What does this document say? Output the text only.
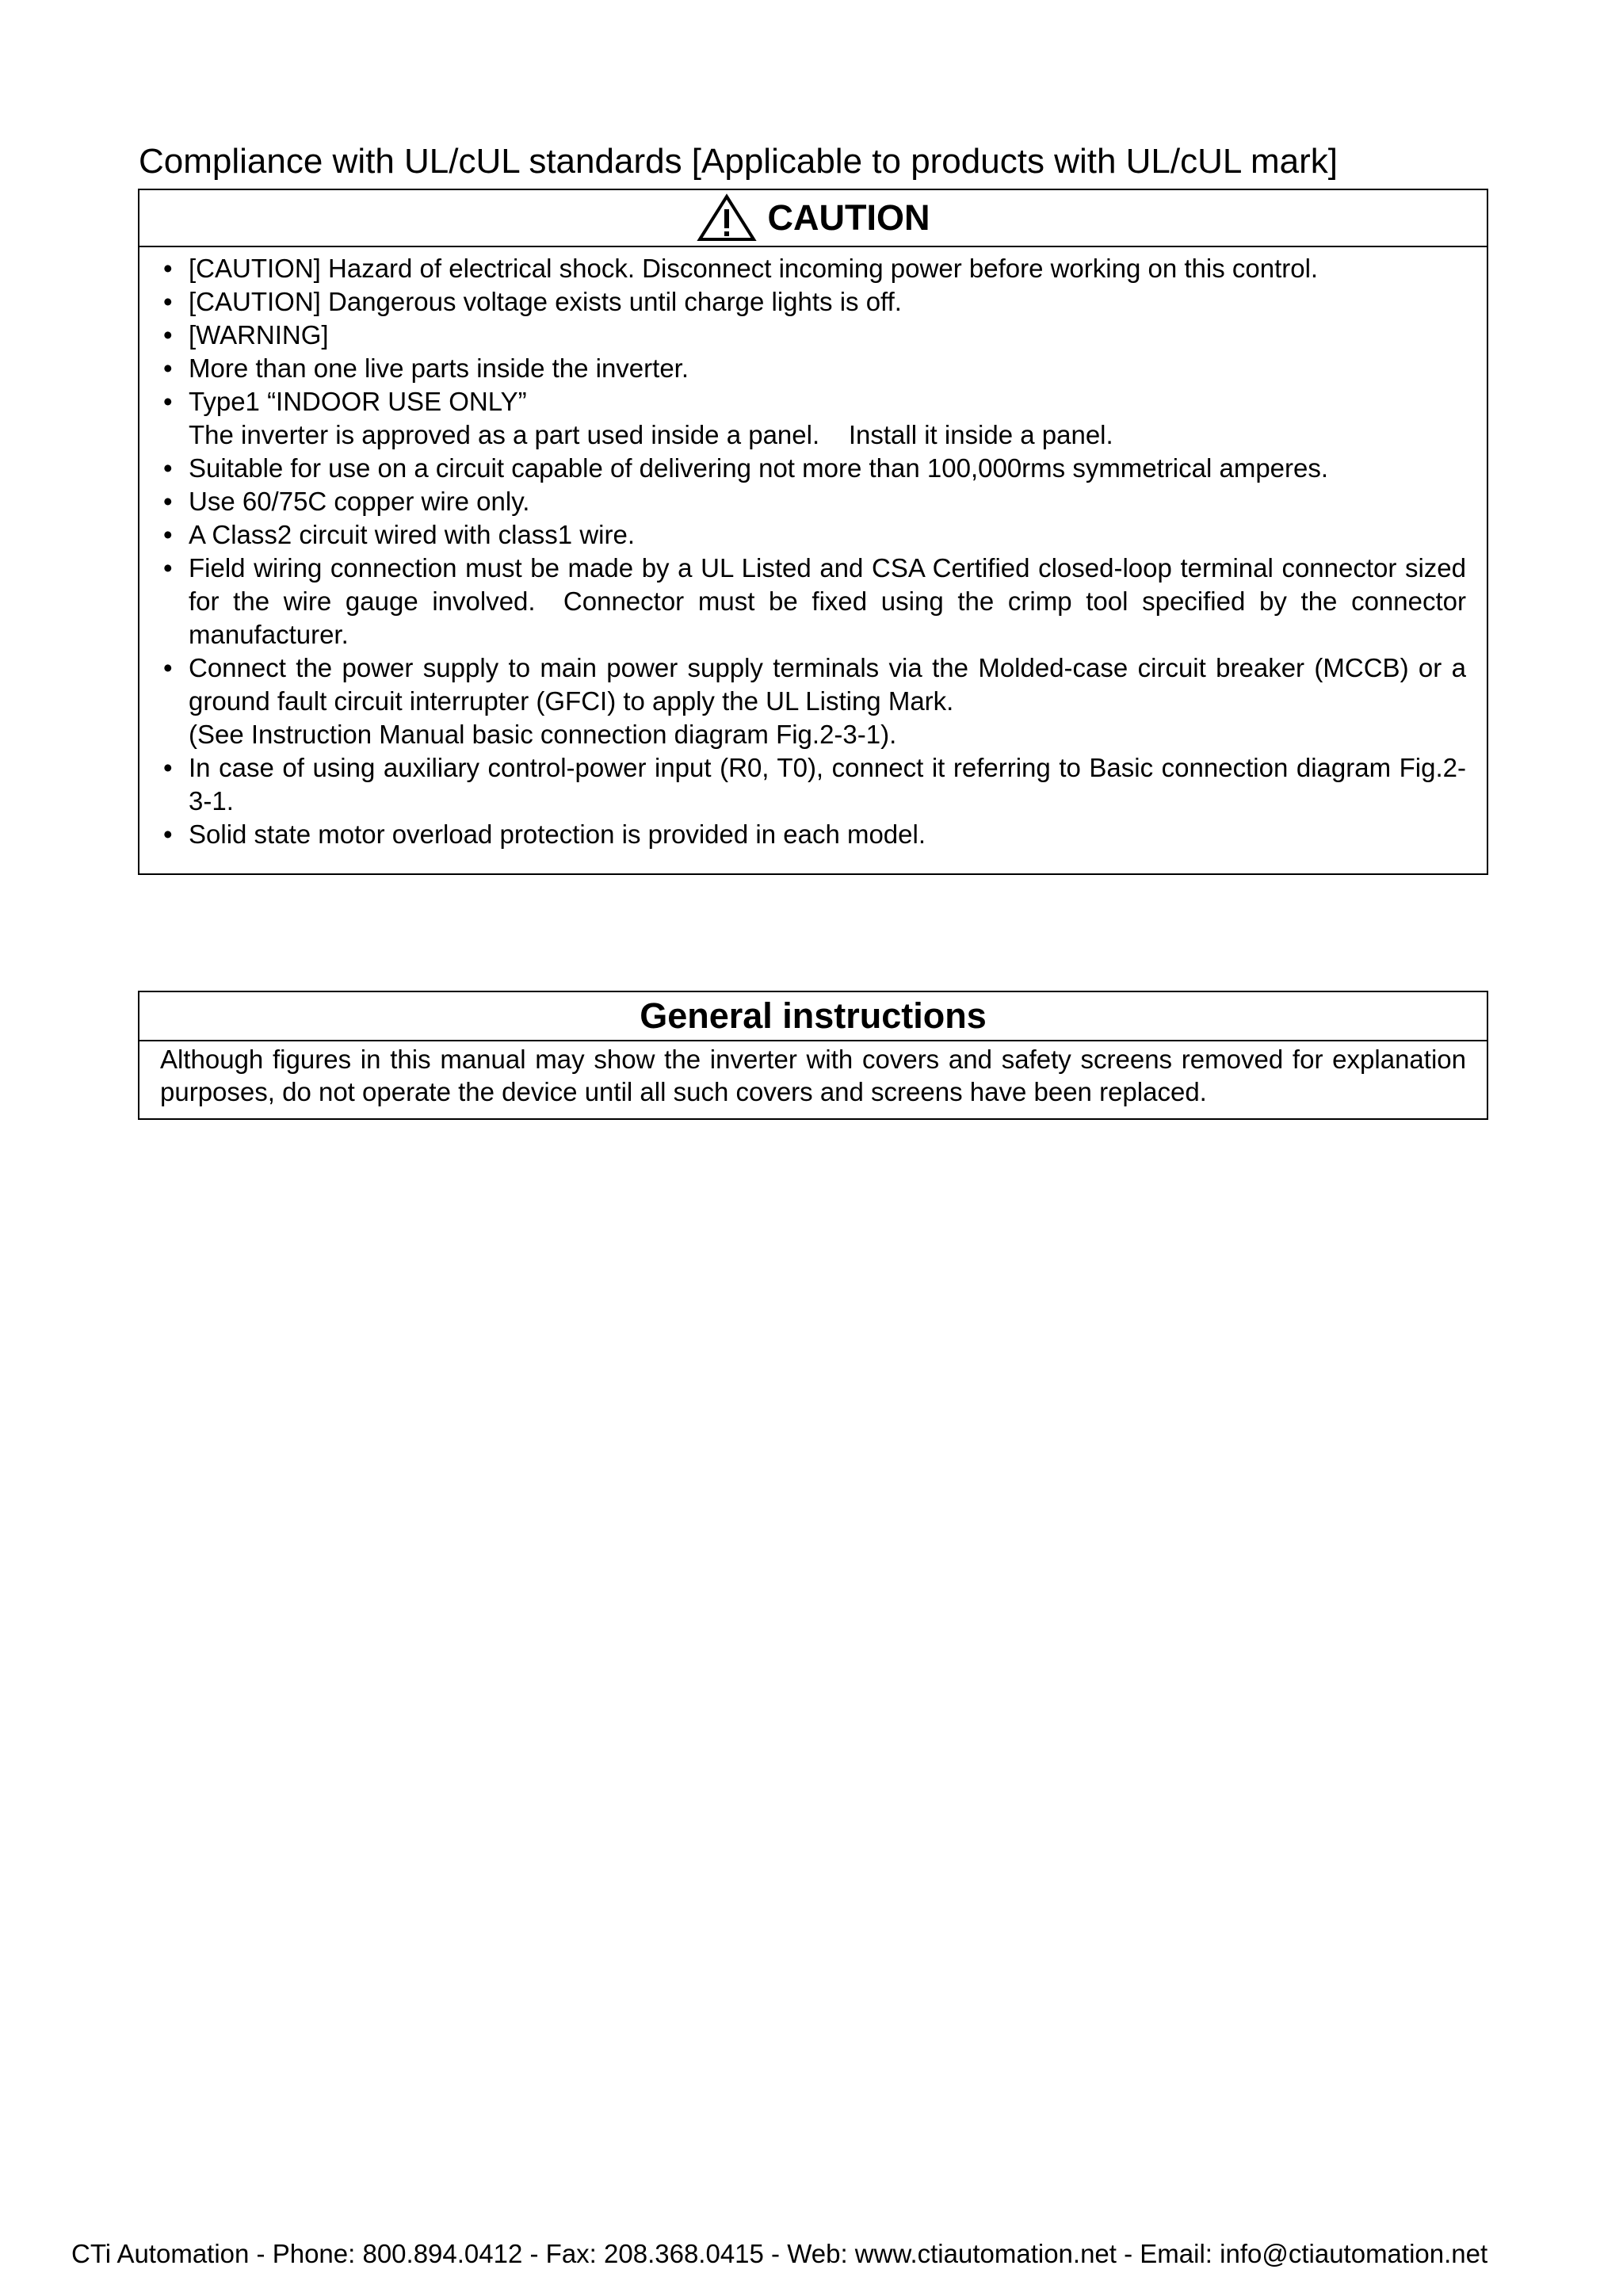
Compliance with UL/cUL standards [Applicable to products with UL/cUL mark]
CAUTION
• [CAUTION] Hazard of electrical shock. Disconnect incoming power before working on this control.
• [CAUTION] Dangerous voltage exists until charge lights is off.
• [WARNING]
• More than one live parts inside the inverter.
• Type1 “INDOOR USE ONLY”
The inverter is approved as a part used inside a panel.    Install it inside a panel.
• Suitable for use on a circuit capable of delivering not more than 100,000rms symmetrical amperes.
• Use 60/75C copper wire only.
• A Class2 circuit wired with class1 wire.
• Field wiring connection must be made by a UL Listed and CSA Certified closed-loop terminal connector sized for the wire gauge involved.  Connector must be fixed using the crimp tool specified by the connector manufacturer.
• Connect the power supply to main power supply terminals via the Molded-case circuit breaker (MCCB) or a ground fault circuit interrupter (GFCI) to apply the UL Listing Mark.
(See Instruction Manual basic connection diagram Fig.2-3-1).
• In case of using auxiliary control-power input (R0, T0), connect it referring to Basic connection diagram Fig.2-3-1.
• Solid state motor overload protection is provided in each model.
General instructions
Although figures in this manual may show the inverter with covers and safety screens removed for explanation purposes, do not operate the device until all such covers and screens have been replaced.
CTi Automation - Phone: 800.894.0412 - Fax: 208.368.0415 - Web: www.ctiautomation.net - Email: info@ctiautomation.net
